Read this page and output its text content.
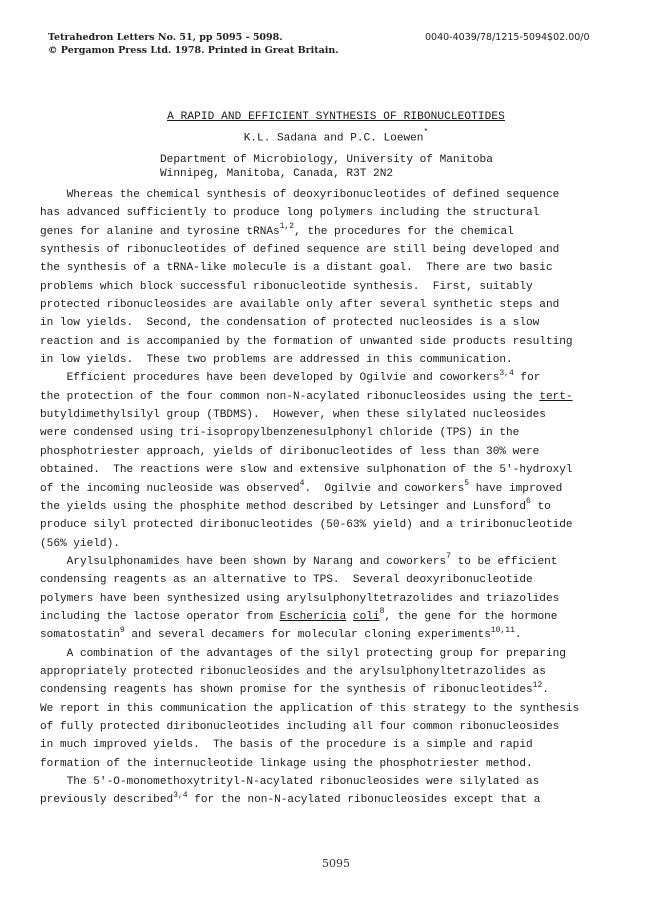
Tetrahedron Letters No. 51, pp 5095 - 5098.
© Pergamon Press Ltd. 1978. Printed in Great Britain.
0040-4039/78/1215-5094$02.00/0
A RAPID AND EFFICIENT SYNTHESIS OF RIBONUCLEOTIDES
K.L. Sadana and P.C. Loewen*
Department of Microbiology, University of Manitoba
Winnipeg, Manitoba, Canada, R3T 2N2
Whereas the chemical synthesis of deoxyribonucleotides of defined sequence
has advanced sufficiently to produce long polymers including the structural
genes for alanine and tyrosine tRNAs$^{1,2}$, the procedures for the chemical
synthesis of ribonucleotides of defined sequence are still being developed and
the synthesis of a tRNA-like molecule is a distant goal.  There are two basic
problems which block successful ribonucleotide synthesis.  First, suitably
protected ribonucleosides are available only after several synthetic steps and
in low yields.  Second, the condensation of protected nucleosides is a slow
reaction and is accompanied by the formation of unwanted side products resulting
in low yields.  These two problems are addressed in this communication.
Efficient procedures have been developed by Ogilvie and coworkers$^{3,4}$ for
the protection of the four common non-N-acylated ribonucleosides using the tert-
butyldimethylsilyl group (TBDMS).  However, when these silylated nucleosides
were condensed using tri-isopropylbenzenesulphonyl chloride (TPS) in the
phosphotriester approach, yields of diribonucleotides of less than 30% were
obtained.  The reactions were slow and extensive sulphonation of the 5'-hydroxyl
of the incoming nucleoside was observed$^4$.  Ogilvie and coworkers$^5$ have improved
the yields using the phosphite method described by Letsinger and Lunsford$^6$ to
produce silyl protected diribonucleotides (50-63% yield) and a triribonucleotide
(56% yield).
Arylsulphonamides have been shown by Narang and coworkers$^7$ to be efficient
condensing reagents as an alternative to TPS.  Several deoxyribonucleotide
polymers have been synthesized using arylsulphonyltetrazolides and triazolides
including the lactose operator from Eschericia coli$^8$, the gene for the hormone
somatostatin$^9$ and several decamers for molecular cloning experiments$^{10,11}$.
A combination of the advantages of the silyl protecting group for preparing
appropriately protected ribonucleosides and the arylsulphonyltetrazolides as
condensing reagents has shown promise for the synthesis of ribonucleotides$^{12}$.
We report in this communication the application of this strategy to the synthesis
of fully protected diribonucleotides including all four common ribonucleosides
in much improved yields.  The basis of the procedure is a simple and rapid
formation of the internucleotide linkage using the phosphotriester method.
The 5'-O-monomethoxytrityl-N-acylated ribonucleosides were silylated as
previously described$^{3,4}$ for the non-N-acylated ribonucleosides except that a
5095
